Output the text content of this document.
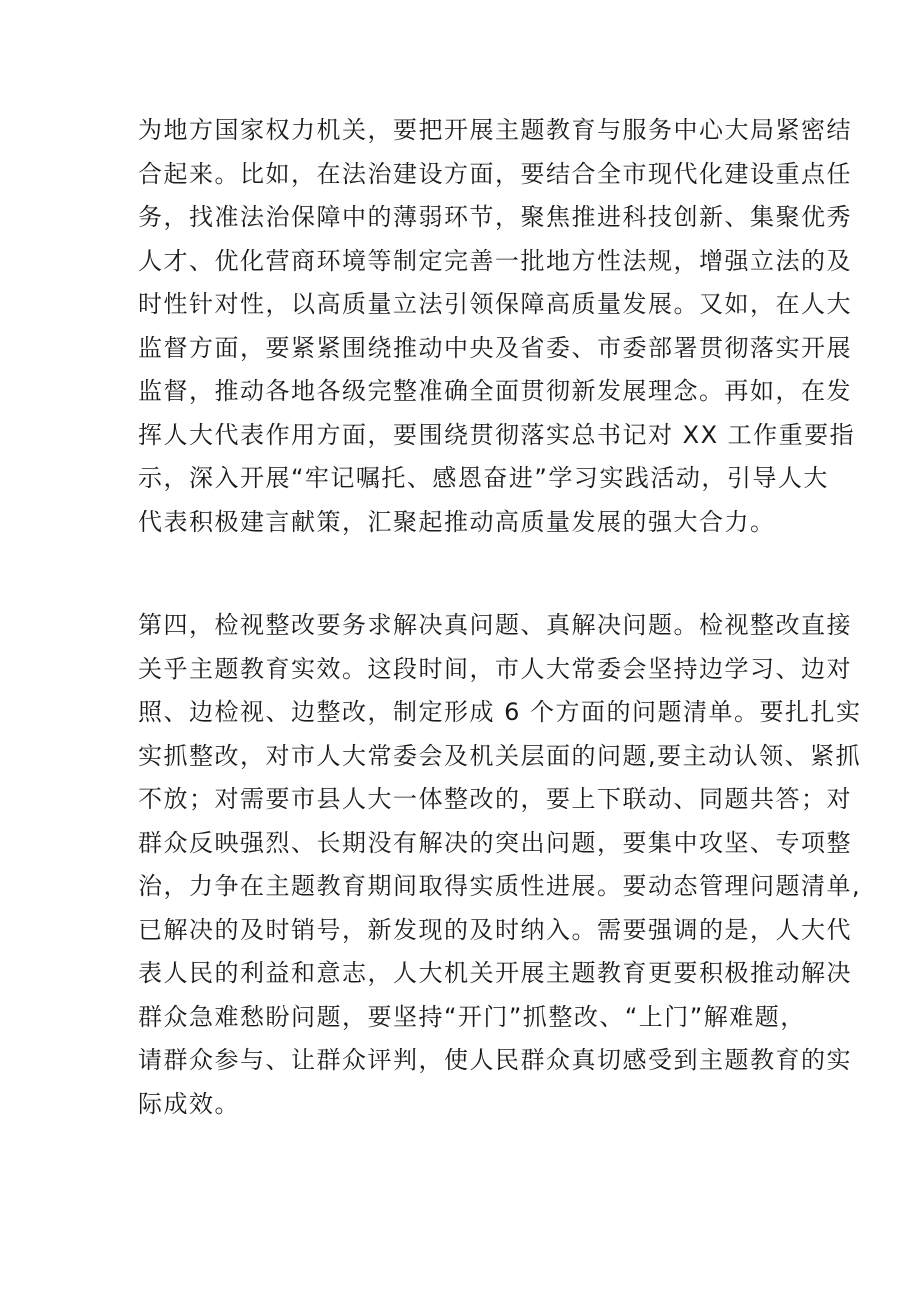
为地方国家权力机关，要把开展主题教育与服务中心大局紧密结
合起来。比如，在法治建设方面，要结合全市现代化建设重点任
务，找准法治保障中的薄弱环节，聚焦推进科技创新、集聚优秀
人才、优化营商环境等制定完善一批地方性法规，增强立法的及
时性针对性，以高质量立法引领保障高质量发展。又如，在人大
监督方面，要紧紧围绕推动中央及省委、市委部署贯彻落实开展
监督，推动各地各级完整准确全面贯彻新发展理念。再如，在发
挥人大代表作用方面，要围绕贯彻落实总书记对 XX 工作重要指
示，深入开展“牢记嘱托、感恩奋进”学习实践活动，引导人大
代表积极建言献策，汇聚起推动高质量发展的强大合力。
第四，检视整改要务求解决真问题、真解决问题。检视整改直接
关乎主题教育实效。这段时间，市人大常委会坚持边学习、边对
照、边检视、边整改，制定形成 6 个方面的问题清单。要扎扎实
实抓整改，对市人大常委会及机关层面的问题,要主动认领、紧抓
不放；对需要市县人大一体整改的，要上下联动、同题共答；对
群众反映强烈、长期没有解决的突出问题，要集中攻坚、专项整
治，力争在主题教育期间取得实质性进展。要动态管理问题清单,
已解决的及时销号，新发现的及时纳入。需要强调的是，人大代
表人民的利益和意志，人大机关开展主题教育更要积极推动解决
群众急难愁盼问题，要坚持“开门”抓整改、“上门”解难题，
请群众参与、让群众评判，使人民群众真切感受到主题教育的实
际成效。
